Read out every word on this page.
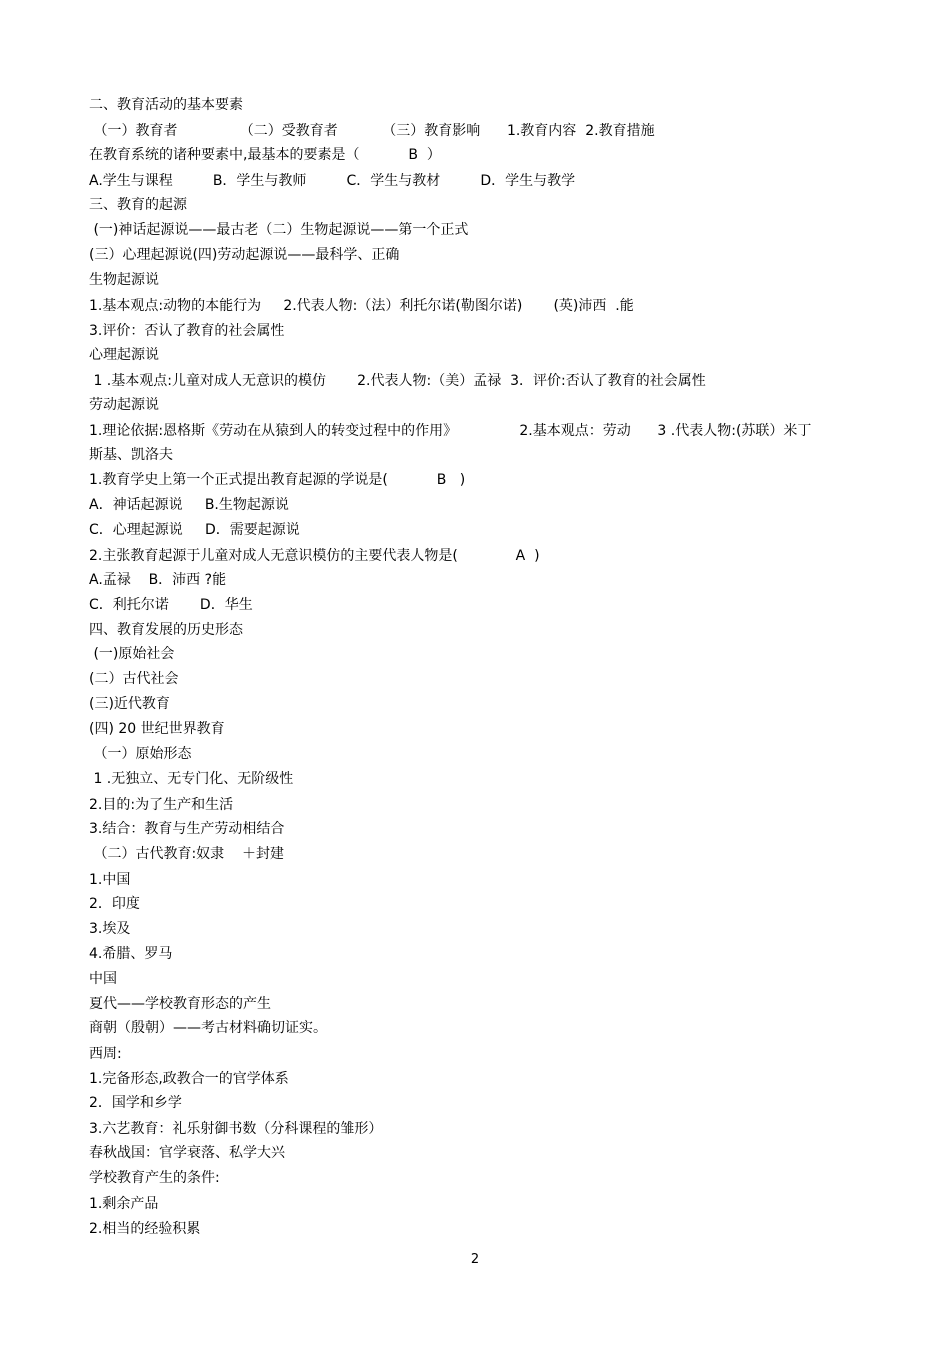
二、教育活动的基本要素
（一）教育者              （二）受教育者          （三）教育影响      1.教育内容  2.教育措施
在教育系统的诸种要素中,最基本的要素是（           B  ）
A.学生与课程         B．学生与教师         C．学生与教材         D．学生与教学
三、教育的起源
(一)神话起源说——最古老（二）生物起源说——第一个正式
(三）心理起源说(四)劳动起源说——最科学、正确
生物起源说
1.基本观点:动物的本能行为     2.代表人物:（法）利托尔诺(勒图尔诺)       (英)沛西  .能
3.评价：否认了教育的社会属性
心理起源说
1 .基本观点:儿童对成人无意识的模仿       2.代表人物:（美）孟禄  3．评价:否认了教育的社会属性
劳动起源说
1.理论依据:恩格斯《劳动在从猿到人的转变过程中的作用》              2.基本观点：劳动      3 .代表人物:(苏联）米丁
斯基、凯洛夫
1.教育学史上第一个正式提出教育起源的学说是(           B   )
A．神话起源说     B.生物起源说
C．心理起源说     D．需要起源说
2.主张教育起源于儿童对成人无意识模仿的主要代表人物是(             A  )
A.孟禄    B．沛西 ?能
C．利托尔诺       D．华生
四、教育发展的历史形态
(一)原始社会
(二）古代社会
(三)近代教育
(四) 20 世纪世界教育
（一）原始形态
1 .无独立、无专门化、无阶级性
2.目的:为了生产和生活
3.结合：教育与生产劳动相结合
（二）古代教育:奴隶    ＋封建
1.中国
2．印度
3.埃及
4.希腊、罗马
中国
夏代——学校教育形态的产生
商朝（殷朝）——考古材料确切证实。
西周:
1.完备形态,政教合一的官学体系
2．国学和乡学
3.六艺教育：礼乐射御书数（分科课程的雏形）
春秋战国：官学衰落、私学大兴
学校教育产生的条件:
1.剩余产品
2.相当的经验积累
2
